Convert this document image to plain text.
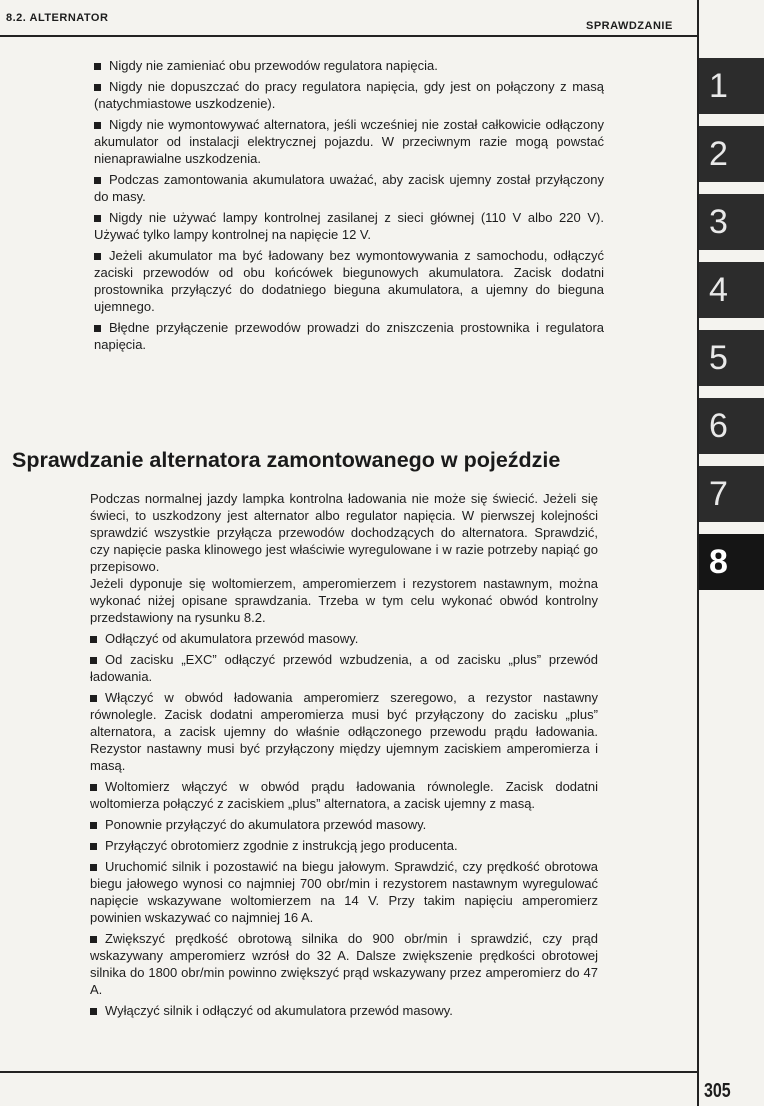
8.2. ALTERNATOR
SPRAWDZANIE
1
2
3
4
5
6
7
8

Nigdy nie zamieniać obu przewodów regulatora napięcia.

Nigdy nie dopuszczać do pracy regulatora napięcia, gdy jest on połączony z masą (natychmiastowe uszkodzenie).

Nigdy nie wymontowywać alternatora, jeśli wcześniej nie został całkowicie odłączony akumulator od instalacji elektrycznej pojazdu. W przeciwnym razie mogą powstać nienaprawialne uszkodzenia.

Podczas zamontowania akumulatora uważać, aby zacisk ujemny został przyłączony do masy.

Nigdy nie używać lampy kontrolnej zasilanej z sieci głównej (110 V albo 220 V). Używać tylko lampy kontrolnej na napięcie 12 V.

Jeżeli akumulator ma być ładowany bez wymontowywania z samochodu, odłączyć zaciski przewodów od obu końcówek biegunowych akumulatora. Zacisk dodatni prostownika przyłączyć do dodatniego bieguna akumulatora, a ujemny do bieguna ujemnego.

Błędne przyłączenie przewodów prowadzi do zniszczenia prostownika i regulatora napięcia.

Sprawdzanie alternatora zamontowanego w pojeździe

Podczas normalnej jazdy lampka kontrolna ładowania nie może się świecić. Jeżeli się świeci, to uszkodzony jest alternator albo regulator napięcia. W pierwszej kolejności sprawdzić wszystkie przyłącza przewodów dochodzących do alternatora. Sprawdzić, czy napięcie paska klinowego jest właściwie wyregulowane i w razie potrzeby napiąć go przepisowo.

Jeżeli dyponuje się woltomierzem, amperomierzem i rezystorem nastawnym, można wykonać niżej opisane sprawdzania. Trzeba w tym celu wykonać obwód kontrolny przedstawiony na rysunku 8.2.

Odłączyć od akumulatora przewód masowy.

Od zacisku „EXC” odłączyć przewód wzbudzenia, a od zacisku „plus” przewód ładowania.

Włączyć w obwód ładowania amperomierz szeregowo, a rezystor nastawny równolegle. Zacisk dodatni amperomierza musi być przyłączony do zacisku „plus” alternatora, a zacisk ujemny do właśnie odłączonego przewodu prądu ładowania. Rezystor nastawny musi być przyłączony między ujemnym zaciskiem amperomierza i masą.

Woltomierz włączyć w obwód prądu ładowania równolegle. Zacisk dodatni woltomierza połączyć z zaciskiem „plus” alternatora, a zacisk ujemny z masą.

Ponownie przyłączyć do akumulatora przewód masowy.

Przyłączyć obrotomierz zgodnie z instrukcją jego producenta.

Uruchomić silnik i pozostawić na biegu jałowym. Sprawdzić, czy prędkość obrotowa biegu jałowego wynosi co najmniej 700 obr/min i rezystorem nastawnym wyregulować napięcie wskazywane woltomierzem na 14 V. Przy takim napięciu amperomierz powinien wskazywać co najmniej 16 A.

Zwiększyć prędkość obrotową silnika do 900 obr/min i sprawdzić, czy prąd wskazywany amperomierz wzrósł do 32 A. Dalsze zwiększenie prędkości obrotowej silnika do 1800 obr/min powinno zwiększyć prąd wskazywany przez amperomierz do 47 A.

Wyłączyć silnik i odłączyć od akumulatora przewód masowy.

305
